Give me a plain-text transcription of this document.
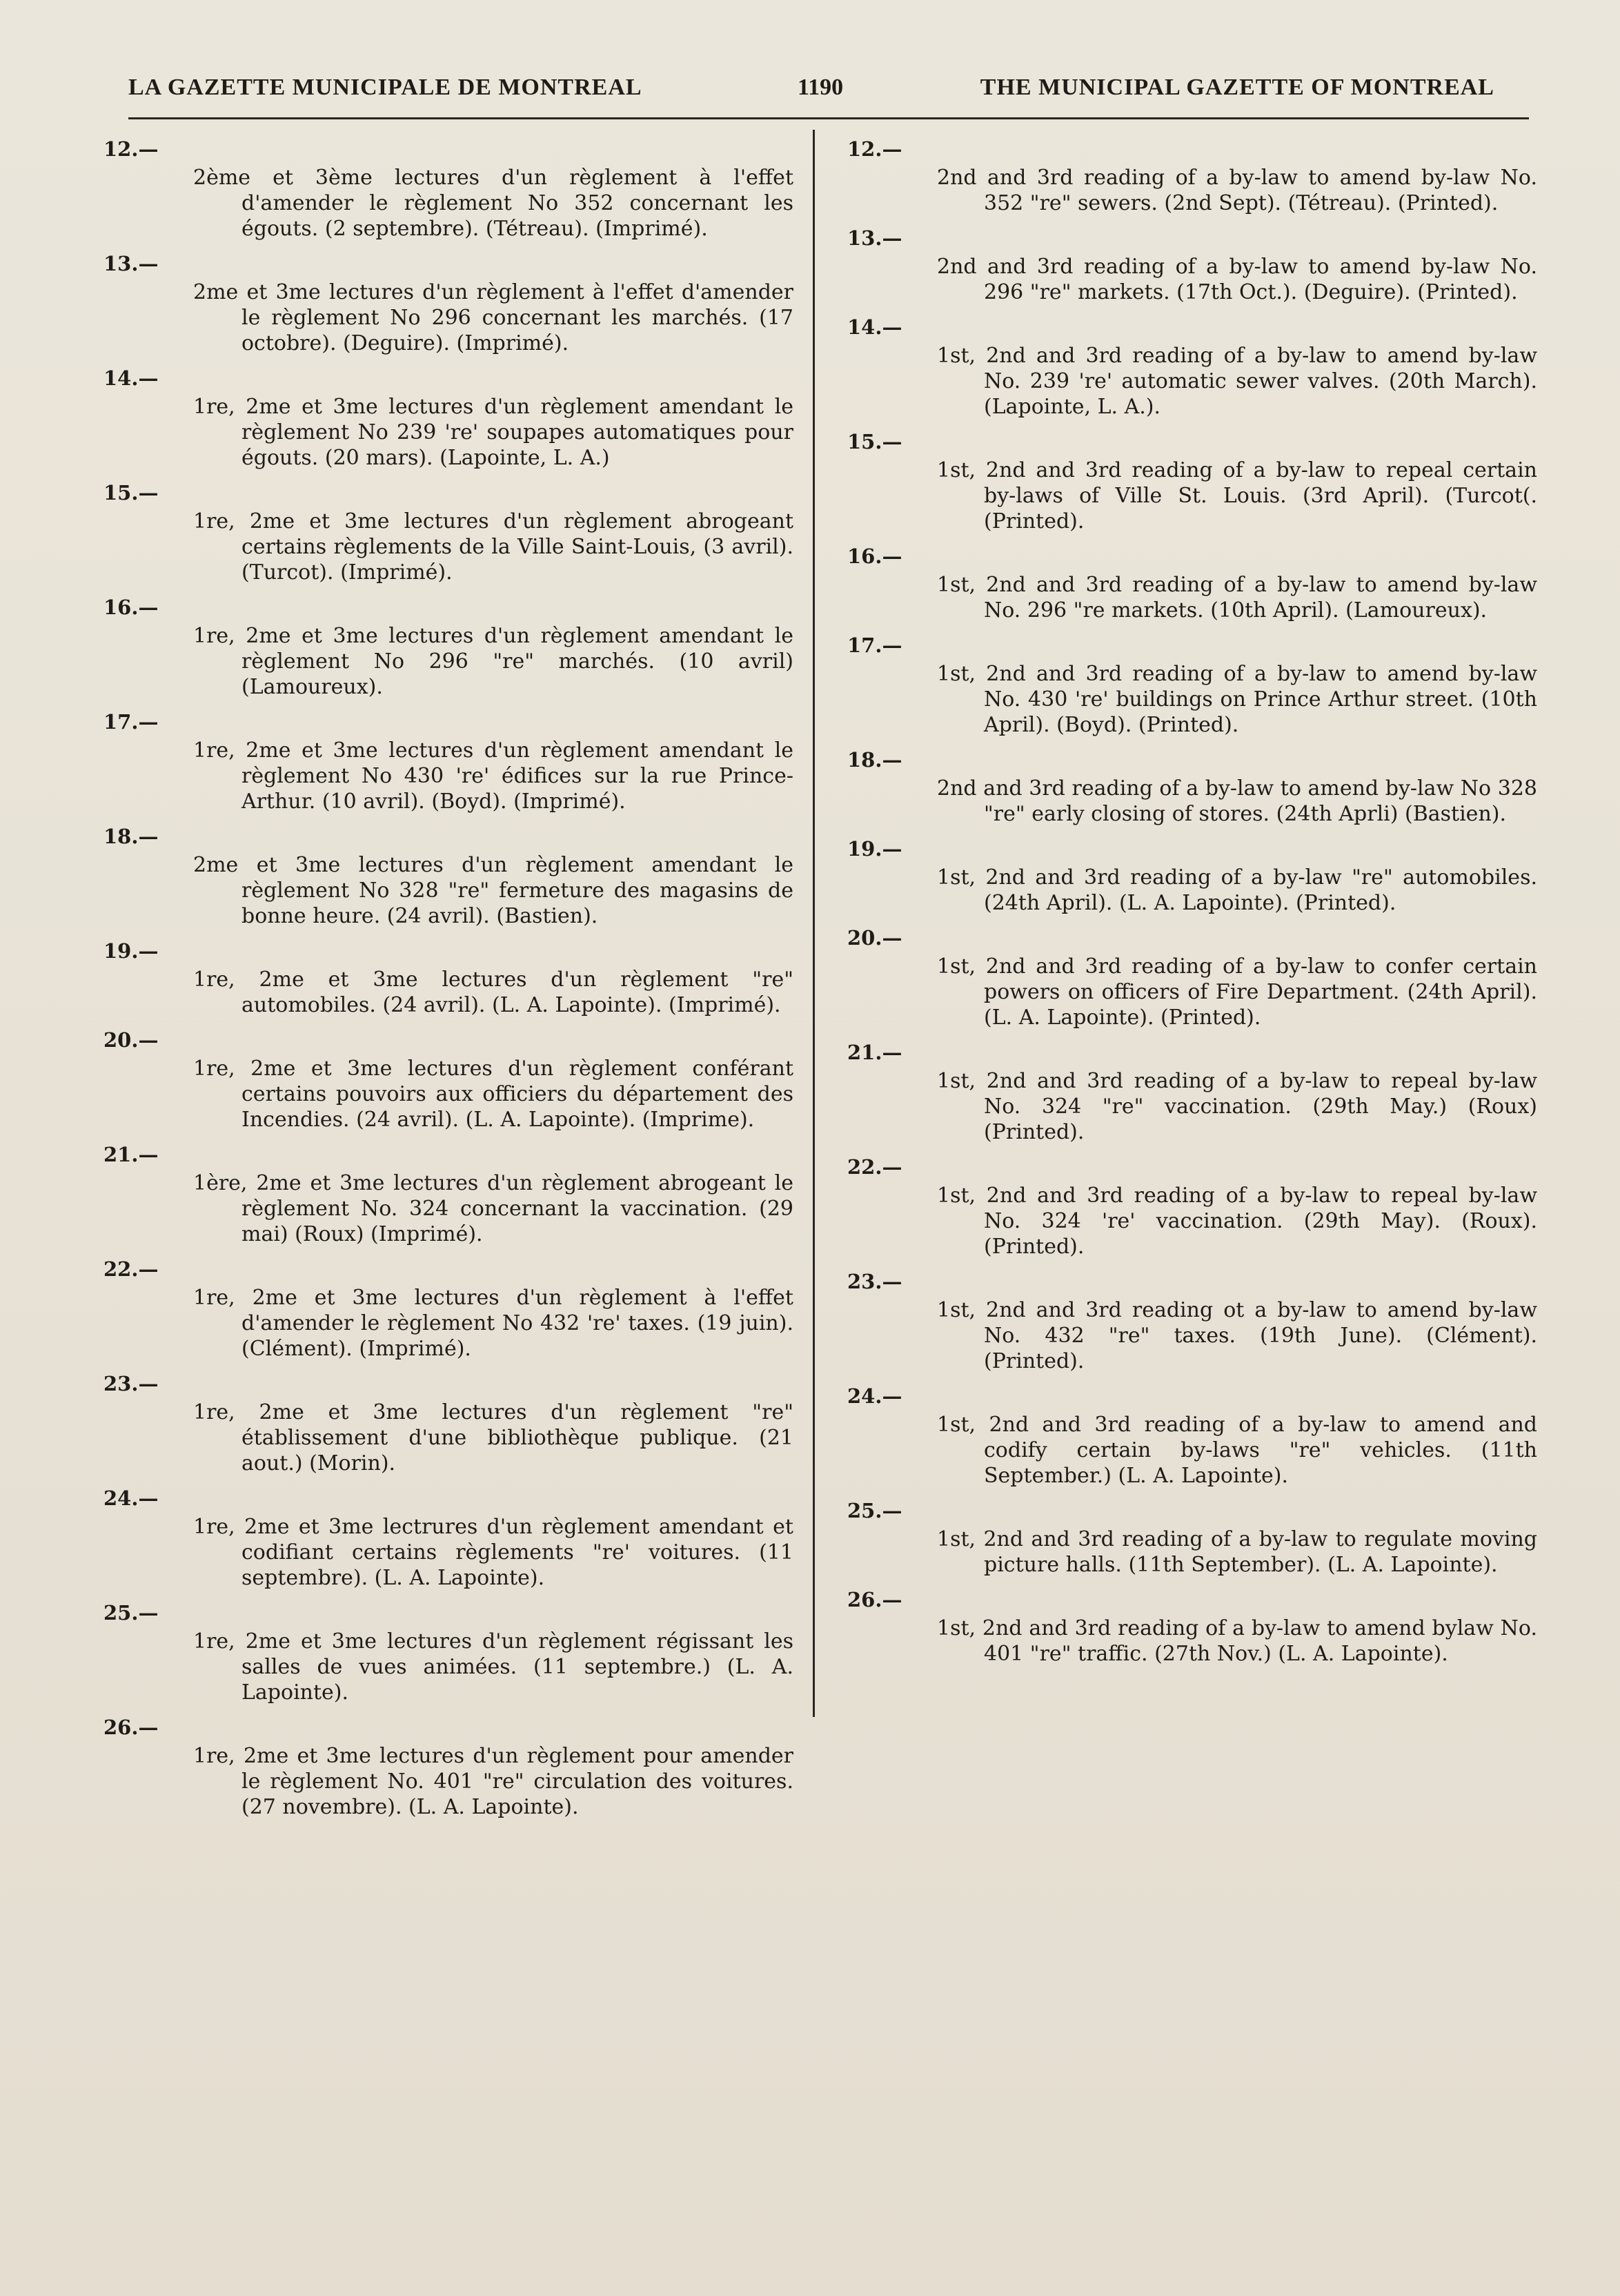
LA GAZETTE MUNICIPALE DE MONTREAL	1190	THE MUNICIPAL GAZETTE OF MONTREAL
12.—
2ème et 3ème lectures d'un règlement à l'effet d'amender le règlement No 352 concernant les égouts. (2 septembre). (Tétreau). (Imprimé).
13.—
2me et 3me lectures d'un règlement à l'effet d'amender le règlement No 296 concernant les marchés. (17 octobre). (Deguire). (Imprimé).
14.—
1re, 2me et 3me lectures d'un règlement amendant le règlement No 239 're' soupapes automatiques pour égouts. (20 mars). (Lapointe, L. A.)
15.—
1re, 2me et 3me lectures d'un règlement abrogeant certains règlements de la Ville Saint-Louis, (3 avril). (Turcot). (Imprimé).
16.—
1re, 2me et 3me lectures d'un règlement amendant le règlement No 296 "re" marchés. (10 avril) (Lamoureux).
17.—
1re, 2me et 3me lectures d'un règlement amendant le règlement No 430 're' édifices sur la rue Prince-Arthur. (10 avril). (Boyd). (Imprimé).
18.—
2me et 3me lectures d'un règlement amendant le règlement No 328 "re" fermeture des magasins de bonne heure. (24 avril). (Bastien).
19.—
1re, 2me et 3me lectures d'un règlement "re" automobiles. (24 avril). (L. A. Lapointe). (Imprimé).
20.—
1re, 2me et 3me lectures d'un règlement conférant certains pouvoirs aux officiers du département des Incendies. (24 avril). (L. A. Lapointe). (Imprime).
21.—
1ère, 2me et 3me lectures d'un règlement abrogeant le règlement No. 324 concernant la vaccination. (29 mai) (Roux) (Imprimé).
22.—
1re, 2me et 3me lectures d'un règlement à l'effet d'amender le règlement No 432 're' taxes. (19 juin). (Clément). (Imprimé).
23.—
1re, 2me et 3me lectures d'un règlement "re" établissement d'une bibliothèque publique. (21 aout.) (Morin).
24.—
1re, 2me et 3me lectrures d'un règlement amendant et codifiant certains règlements "re' voitures. (11 septembre). (L. A. Lapointe).
25.—
1re, 2me et 3me lectures d'un règlement régissant les salles de vues animées. (11 septembre.) (L. A. Lapointe).
26.—
1re, 2me et 3me lectures d'un règlement pour amender le règlement No. 401 "re" circulation des voitures. (27 novembre). (L. A. Lapointe).
12.—
2nd and 3rd reading of a by-law to amend by-law No. 352 "re" sewers. (2nd Sept). (Tétreau). (Printed).
13.—
2nd and 3rd reading of a by-law to amend by-law No. 296 "re" markets. (17th Oct.). (Deguire). (Printed).
14.—
1st, 2nd and 3rd reading of a by-law to amend by-law No. 239 're' automatic sewer valves. (20th March). (Lapointe, L. A.).
15.—
1st, 2nd and 3rd reading of a by-law to repeal certain by-laws of Ville St. Louis. (3rd April). (Turcot(. (Printed).
16.—
1st, 2nd and 3rd reading of a by-law to amend by-law No. 296 "re markets. (10th April). (Lamoureux).
17.—
1st, 2nd and 3rd reading of a by-law to amend by-law No. 430 're' buildings on Prince Arthur street. (10th April). (Boyd). (Printed).
18.—
2nd and 3rd reading of a by-law to amend by-law No 328 "re" early closing of stores. (24th Aprli) (Bastien).
19.—
1st, 2nd and 3rd reading of a by-law "re" automobiles. (24th April). (L. A. Lapointe). (Printed).
20.—
1st, 2nd and 3rd reading of a by-law to confer certain powers on officers of Fire Department. (24th April). (L. A. Lapointe). (Printed).
21.—
1st, 2nd and 3rd reading of a by-law to repeal by-law No. 324 "re" vaccination. (29th May.) (Roux) (Printed).
22.—
1st, 2nd and 3rd reading of a by-law to repeal by-law No. 324 're' vaccination. (29th May). (Roux). (Printed).
23.—
1st, 2nd and 3rd reading ot a by-law to amend by-law No. 432 "re" taxes. (19th June). (Clément). (Printed).
24.—
1st, 2nd and 3rd reading of a by-law to amend and codify certain by-laws "re" vehicles. (11th September.) (L. A. Lapointe).
25.—
1st, 2nd and 3rd reading of a by-law to regulate moving picture halls. (11th September). (L. A. Lapointe).
26.—
1st, 2nd and 3rd reading of a by-law to amend bylaw No. 401 "re" traffic. (27th Nov.) (L. A. Lapointe).
